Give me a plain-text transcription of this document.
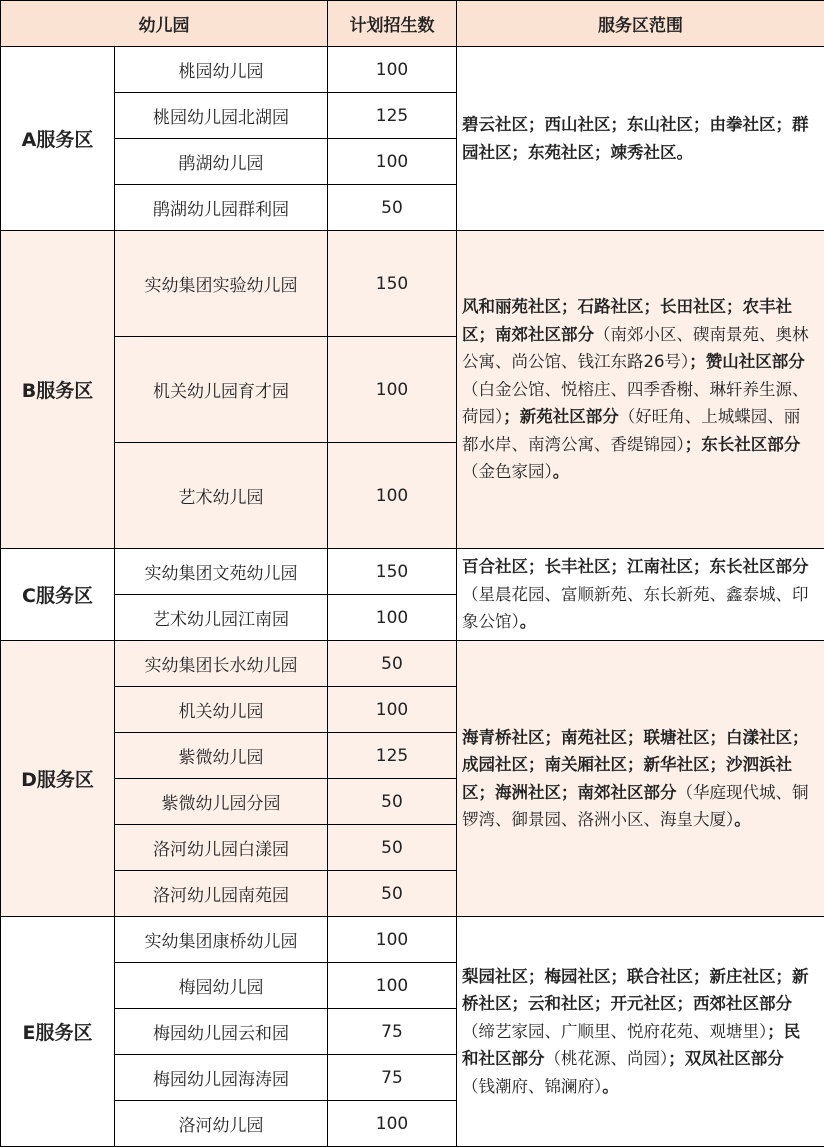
幼儿园		计划招生数	服务区范围
A服务区	桃园幼儿园	100	碧云社区；西山社区；东山社区；由拳社区；群园社区；东苑社区；竦秀社区。
	桃园幼儿园北湖园	125	
	鹃湖幼儿园	100	
	鹃湖幼儿园群利园	50	
B服务区	实幼集团实验幼儿园	150	风和丽苑社区；石路社区；长田社区；农丰社区；南郊社区部分（南郊小区、碶南景苑、奥林公寓、尚公馆、钱江东路26号）；赞山社区部分（白金公馆、悦榕庄、四季香榭、琳轩养生源、荷园）；新苑社区部分（好旺角、上城蝶园、丽都水岸、南湾公寓、香缇锦园）；东长社区部分（金色家园）。
	机关幼儿园育才园	100	
	艺术幼儿园	100	
C服务区	实幼集团文苑幼儿园	150	百合社区；长丰社区；江南社区；东长社区部分（星晨花园、富顺新苑、东长新苑、鑫泰城、印象公馆）。
	艺术幼儿园江南园	100	
D服务区	实幼集团长水幼儿园	50	海青桥社区；南苑社区；联塘社区；白漾社区；成园社区；南关厢社区；新华社区；沙泗浜社区；海洲社区；南郊社区部分（华庭现代城、铜锣湾、御景园、洛洲小区、海皇大厦）。
	机关幼儿园	100	
	紫微幼儿园	125	
	紫微幼儿园分园	50	
	洛河幼儿园白漾园	50	
	洛河幼儿园南苑园	50	
E服务区	实幼集团康桥幼儿园	100	梨园社区；梅园社区；联合社区；新庄社区；新桥社区；云和社区；开元社区；西郊社区部分（缔艺家园、广顺里、悦府花苑、观塘里）；民和社区部分（桃花源、尚园）；双凤社区部分（钱潮府、锦澜府）。
	梅园幼儿园	100	
	梅园幼儿园云和园	75	
	梅园幼儿园海涛园	75	
	洛河幼儿园	100	
